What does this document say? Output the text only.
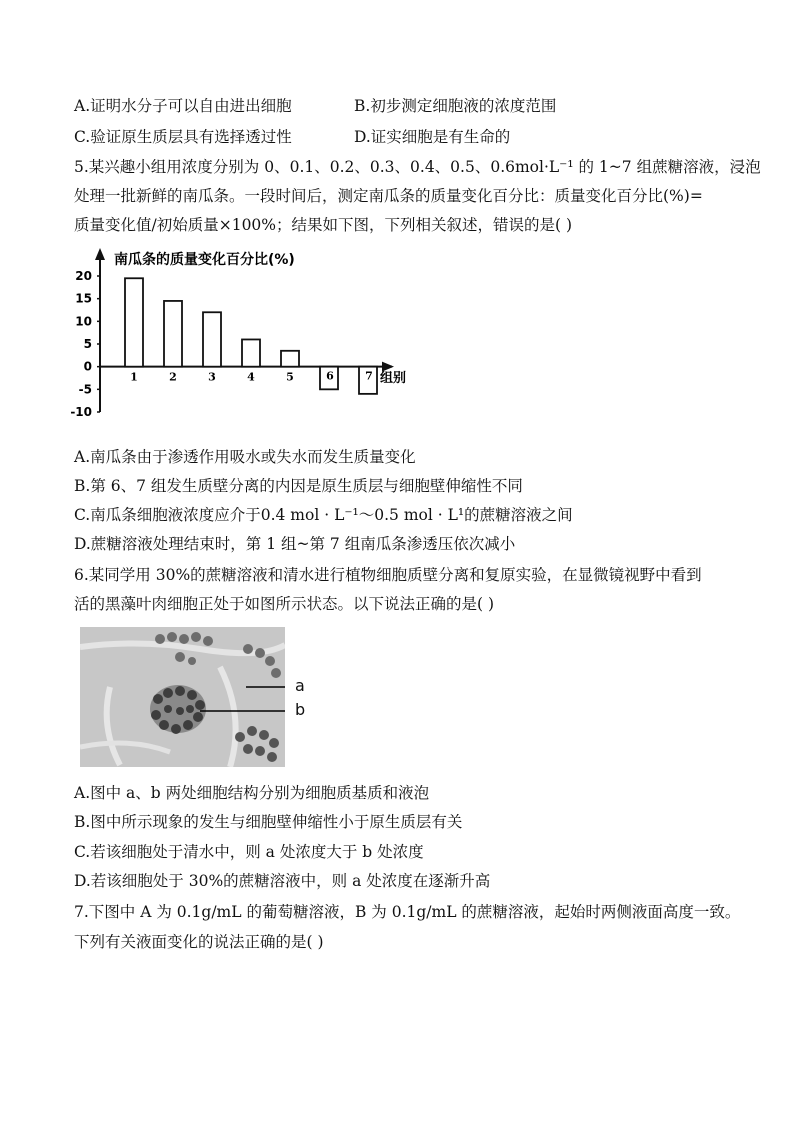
A.证明水分子可以自由进出细胞	B.初步测定细胞液的浓度范围
C.验证原生质层具有选择透过性	D.证实细胞是有生命的
5.某兴趣小组用浓度分别为 0、0.1、0.2、0.3、0.4、0.5、0.6mol·L⁻¹ 的 1~7 组蔗糖溶液，浸泡
处理一批新鲜的南瓜条。一段时间后，测定南瓜条的质量变化百分比：质量变化百分比(%)=
质量变化值/初始质量×100%；结果如下图，下列相关叙述，错误的是( )
南瓜条的质量变化百分比(%)
组别
20
15
10
5
0
-5
-10
1	2	3	4	5	6	7
A.南瓜条由于渗透作用吸水或失水而发生质量变化
B.第 6、7 组发生质壁分离的内因是原生质层与细胞壁伸缩性不同
C.南瓜条细胞液浓度应介于0.4 mol · L⁻¹～0.5 mol · L¹的蔗糖溶液之间
D.蔗糖溶液处理结束时，第 1 组~第 7 组南瓜条渗透压依次减小
6.某同学用 30%的蔗糖溶液和清水进行植物细胞质壁分离和复原实验，在显微镜视野中看到
活的黑藻叶肉细胞正处于如图所示状态。以下说法正确的是( )
a
b
A.图中 a、b 两处细胞结构分别为细胞质基质和液泡
B.图中所示现象的发生与细胞壁伸缩性小于原生质层有关
C.若该细胞处于清水中，则 a 处浓度大于 b 处浓度
D.若该细胞处于 30%的蔗糖溶液中，则 a 处浓度在逐渐升高
7.下图中 A 为 0.1g/mL 的葡萄糖溶液，B 为 0.1g/mL 的蔗糖溶液，起始时两侧液面高度一致。
下列有关液面变化的说法正确的是( )
